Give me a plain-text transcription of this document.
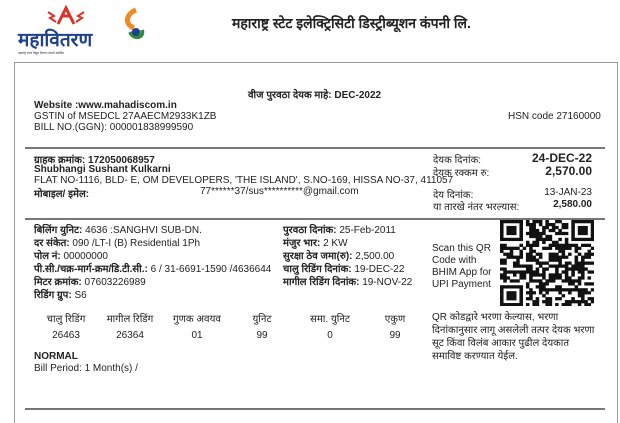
महावितरण
महाराष्ट्र राज्य विद्युत वितरण कंपनी मर्यादित
महाराष्ट्र स्टेट इलेक्ट्रिसिटी डिस्ट्रीब्यूशन कंपनी लि.
वीज पुरवठा देयक माहे: DEC-2022
Website :www.mahadiscom.in
GSTIN of MSEDCL 27AAECM2933K1ZB
BILL NO.(GGN): 000001838999590
HSN code 27160000
ग्राहक क्रमांक: 172050068957
Shubhangi Sushant Kulkarni
FLAT NO-1116, BLD- E, OM DEVELOPERS, 'THE ISLAND', S.NO-169, HISSA NO-37, 411057
मोबाइल/ इमेल:	77******37/sus**********@gmail.com
देयक दिनांक:	24-DEC-22
देयक रक्कम रु:	2,570.00
देय दिनांक:	13-JAN-23
या तारखे नंतर भरल्यास:	2,580.00
बिलिंग युनिट: 4636 :SANGHVI SUB-DN.
दर संकेत: 090 /LT-I (B) Residential 1Ph
पोल नं: 00000000
पी.सी./चक्र-मार्ग-क्रम/डि.टी.सी.: 6 / 31-6691-1590 /4636644
मिटर क्रमांक: 07603226989
रिडिंग ग्रुप: S6
पुरवठा दिनांक: 25-Feb-2011
मंजुर भार: 2 KW
सुरक्षा ठेव जमा(रु): 2,500.00
चालु रिडिंग दिनांक: 19-DEC-22
मागील रिडिंग दिनांक: 19-NOV-22
Scan this QR Code with BHIM App for UPI Payment
चालु रिडिंग	मागील रिडिंग	गुणक अवयव	युनिट	समा. युनिट	एकुण
26463	26364	01	99	0	99
QR कोडद्वारे भरणा केल्यास, भरणा दिनांकानुसार लागू असलेली तत्पर देयक भरणा सूट किंवा विलंब आकार पुढील देयकात समाविष्ट करण्यात येईल.
NORMAL
Bill Period: 1 Month(s) /
